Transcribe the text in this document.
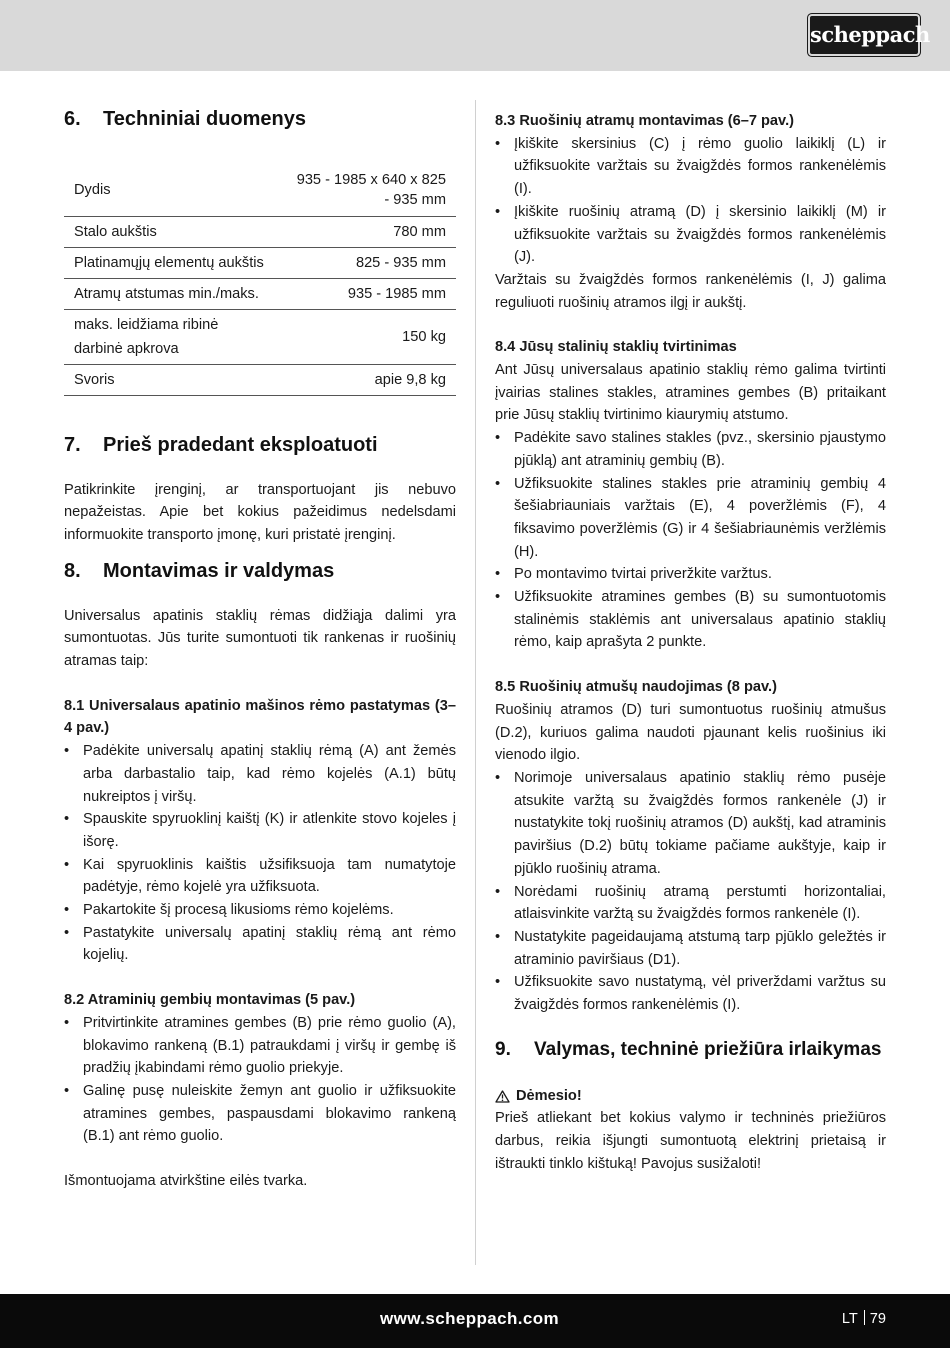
scheppach
6.	Techniniai duomenys
Dydis	935 - 1985 x 640 x 825 - 935 mm
Stalo aukštis	780 mm
Platinamųjų elementų aukštis	825 - 935 mm
Atramų atstumas min./maks.	935 - 1985 mm
maks. leidžiama ribinė darbinė apkrova	150 kg
Svoris	apie 9,8 kg
7.	Prieš pradedant eksploatuoti

Patikrinkite įrenginį, ar transportuojant jis nebuvo nepažeistas. Apie bet kokius pažeidimus nedelsdami informuokite transporto įmonę, kuri pristatė įrenginį.

8.	Montavimas ir valdymas

Universalus apatinis staklių rėmas didžiąja dalimi yra sumontuotas. Jūs turite sumontuoti tik rankenas ir ruošinių atramas taip:

8.1 Universalaus apatinio mašinos rėmo pastatymas (3–4 pav.)

• Padėkite universalų apatinį staklių rėmą (A) ant žemės arba darbastalio taip, kad rėmo kojelės (A.1) būtų nukreiptos į viršų.
• Spauskite spyruoklinį kaištį (K) ir atlenkite stovo kojeles į išorę.
• Kai spyruoklinis kaištis užsifiksuoja tam numatytoje padėtyje, rėmo kojelė yra užfiksuota.
• Pakartokite šį procesą likusioms rėmo kojelėms.
• Pastatykite universalų apatinį staklių rėmą ant rėmo kojelių.

8.2 Atraminių gembių montavimas (5 pav.)

• Pritvirtinkite atramines gembes (B) prie rėmo guolio (A), blokavimo rankeną (B.1) patraukdami į viršų ir gembę iš pradžių įkabindami rėmo guolio priekyje.
• Galinę pusę nuleiskite žemyn ant guolio ir užfiksuokite atramines gembes, paspausdami blokavimo rankeną (B.1) ant rėmo guolio.

Išmontuojama atvirkštine eilės tvarka.

8.3 Ruošinių atramų montavimas (6–7 pav.)

• Įkiškite skersinius (C) į rėmo guolio laikiklį (L) ir užfiksuokite varžtais su žvaigždės formos rankenėlėmis (I).
• Įkiškite ruošinių atramą (D) į skersinio laikiklį (M) ir užfiksuokite varžtais su žvaigždės formos rankenėlėmis (J).

Varžtais su žvaigždės formos rankenėlėmis (I, J) galima reguliuoti ruošinių atramos ilgį ir aukštį.

8.4 Jūsų stalinių staklių tvirtinimas

Ant Jūsų universalaus apatinio staklių rėmo galima tvirtinti įvairias stalines stakles, atramines gembes (B) pritaikant prie Jūsų staklių tvirtinimo kiaurymių atstumo.

• Padėkite savo stalines stakles (pvz., skersinio pjaustymo pjūklą) ant atraminių gembių (B).
• Užfiksuokite stalines stakles prie atraminių gembių 4 šešiabriauniais varžtais (E), 4 poveržlėmis (F), 4 fiksavimo poveržlėmis (G) ir 4 šešiabriaunėmis veržlėmis (H).
• Po montavimo tvirtai priveržkite varžtus.
• Užfiksuokite atramines gembes (B) su sumontuotomis stalinėmis staklėmis ant universalaus apatinio staklių rėmo, kaip aprašyta 2 punkte.

8.5 Ruošinių atmušų naudojimas (8 pav.)

Ruošinių atramos (D) turi sumontuotus ruošinių atmušus (D.2), kuriuos galima naudoti pjaunant kelis ruošinius iki vienodo ilgio.

• Norimoje universalaus apatinio staklių rėmo pusėje atsukite varžtą su žvaigždės formos rankenėle (J) ir nustatykite tokį ruošinių atramos (D) aukštį, kad atraminis paviršius (D.2) būtų tokiame pačiame aukštyje, kaip ir pjūklo ruošinių atrama.
• Norėdami ruošinių atramą perstumti horizontaliai, atlaisvinkite varžtą su žvaigždės formos rankenėle (I).
• Nustatykite pageidaujamą atstumą tarp pjūklo geležtės ir atraminio paviršiaus (D1).
• Užfiksuokite savo nustatymą, vėl priverždami varžtus su žvaigždės formos rankenėlėmis (I).
9.	Valymas, techninė priežiūra irlaikymas
Dėmesio!

Prieš atliekant bet kokius valymo ir techninės priežiūros darbus, reikia išjungti sumontuotą elektrinį prietaisą ir ištraukti tinklo kištuką! Pavojus susižaloti!

www.scheppach.com	LT 79
